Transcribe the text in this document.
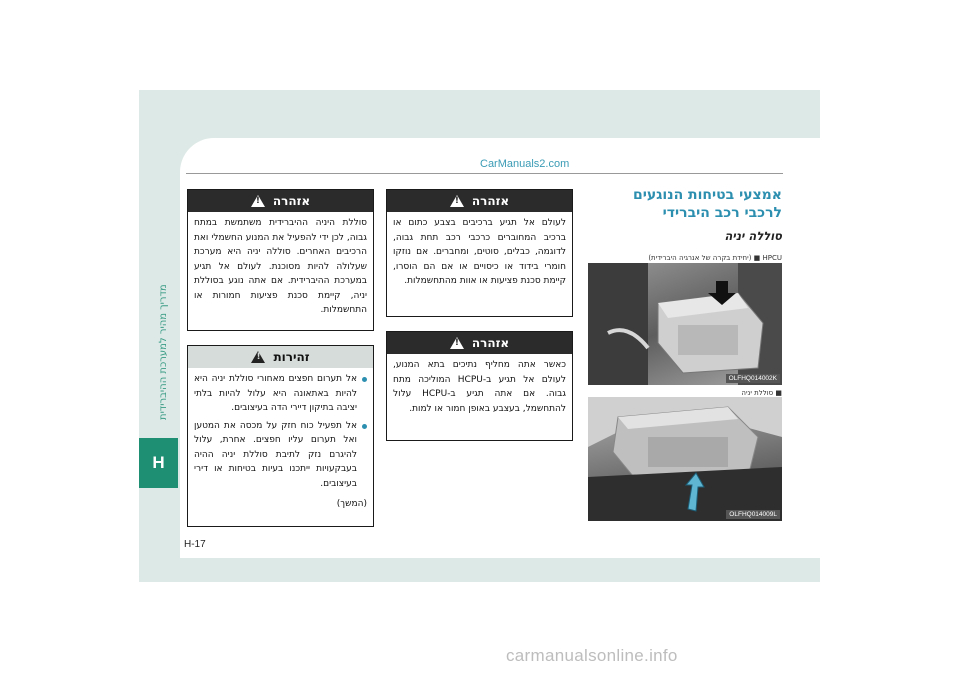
H
מדריך מהיר למערכת ההיברידית
CarManuals2.com
אמצעי בטיחות הנוגעים
לרכבי רכב היברידי
סוללה יניה
HPCU ■ (יחידת בקרה של אנרגיה היברידית)
OLFHQ014002K
■ סוללת יניה
OLFHQ014009L
אזהרה
!
לעולם אל תגיע ברכיבים בצבע כתום או ברכיב המחוברים כרכבי רכב תחת גבוה, לדוגמה, כבלים, סוטים, ומחברים. אם נוזקו חומרי בידוד או כיסויים או אם הם הוסרו, קיימת סכנת פציעות או אוות מהתחשמלות.
אזהרה
!
כאשר אתה מחליף נתיכים בתא המנוע, לעולם אל תגיע ב-HCPU המוליכה מתח גבוה. אם אתה תגיע ב-HCPU עלול להתחשמל, בעצבע באופן חמור או למות.
אזהרה
!
סוללת היניה ההיברידית משתמשת במתח גבוה, לכן ידי להפעיל את המנוע החשמלי ואת הרכיבים האחרים. סוללה יניה היא מערכת שעלולה להיות מסוכנת. לעולם אל תגיע במערכת ההיברידית. אם אתה נוגע בסוללת יניה, קיימת סכנת פציעות חמורות או התחשמלות.
זהירות
!
אל תערום חפצים מאחורי סוללת יניה היא להיות באתאונה היא עלול להיות בלתי יציבה בתיקון דיירי הדה בעיצובים.
אל תפעיל כוח חזק על מכסה את המטען ואל תערום עליו חפצים. אחרת, עלול להיגרם נזק לתיבת סוללת יניה ההיה בעבקעויות ייתכנו בעיות בטיחות או דירי בעיצובים.
(המשך)
H-17
carmanualsonline.info
